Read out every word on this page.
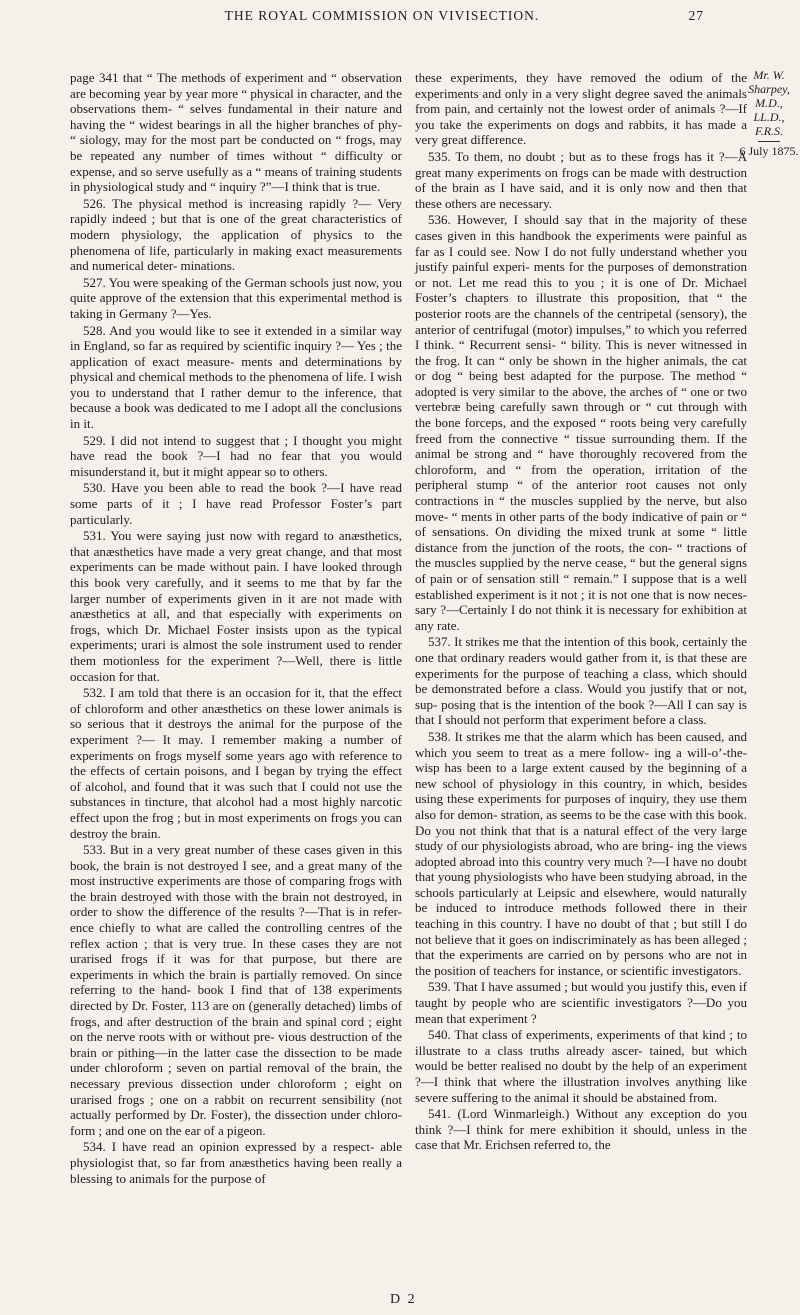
THE ROYAL COMMISSION ON VIVISECTION.	27

page 341 that “ The methods of experiment and “ observation are becoming year by year more “ physical in character, and the observations them- “ selves fundamental in their nature and having the “ widest bearings in all the higher branches of phy- “ siology, may for the most part be conducted on “ frogs, may be repeated any number of times without “ difficulty or expense, and so serve usefully as a “ means of training students in physiological study and “ inquiry ?”—I think that is true.

526. The physical method is increasing rapidly ?— Very rapidly indeed ; but that is one of the great characteristics of modern physiology, the application of physics to the phenomena of life, particularly in making exact measurements and numerical deter- minations.

527. You were speaking of the German schools just now, you quite approve of the extension that this experimental method is taking in Germany ?—Yes.

528. And you would like to see it extended in a similar way in England, so far as required by scientific inquiry ?— Yes ; the application of exact measure- ments and determinations by physical and chemical methods to the phenomena of life. I wish you to understand that I rather demur to the inference, that because a book was dedicated to me I adopt all the conclusions in it.

529. I did not intend to suggest that ; I thought you might have read the book ?—I had no fear that you would misunderstand it, but it might appear so to others.

530. Have you been able to read the book ?—I have read some parts of it ; I have read Professor Foster’s part particularly.

531. You were saying just now with regard to anæsthetics, that anæsthetics have made a very great change, and that most experiments can be made without pain. I have looked through this book very carefully, and it seems to me that by far the larger number of experiments given in it are not made with anæsthetics at all, and that especially with experiments on frogs, which Dr. Michael Foster insists upon as the typical experiments; urari is almost the sole instrument used to render them motionless for the experiment ?—Well, there is little occasion for that.

532. I am told that there is an occasion for it, that the effect of chloroform and other anæsthetics on these lower animals is so serious that it destroys the animal for the purpose of the experiment ?— It may. I remember making a number of experiments on frogs myself some years ago with reference to the effects of certain poisons, and I began by trying the effect of alcohol, and found that it was such that I could not use the substances in tincture, that alcohol had a most highly narcotic effect upon the frog ; but in most experiments on frogs you can destroy the brain.

533. But in a very great number of these cases given in this book, the brain is not destroyed I see, and a great many of the most instructive experiments are those of comparing frogs with the brain destroyed with those with the brain not destroyed, in order to show the difference of the results ?—That is in refer- ence chiefly to what are called the controlling centres of the reflex action ; that is very true. In these cases they are not urarised frogs if it was for that purpose, but there are experiments in which the brain is partially removed. On since referring to the hand- book I find that of 138 experiments directed by Dr. Foster, 113 are on (generally detached) limbs of frogs, and after destruction of the brain and spinal cord ; eight on the nerve roots with or without pre- vious destruction of the brain or pithing—in the latter case the dissection to be made under chloroform ; seven on partial removal of the brain, the necessary previous dissection under chloroform ; eight on urarised frogs ; one on a rabbit on recurrent sensibility (not actually performed by Dr. Foster), the dissection under chloro- form ; and one on the ear of a pigeon.

534. I have read an opinion expressed by a respect- able physiologist that, so far from anæsthetics having been really a blessing to animals for the purpose of

these experiments, they have removed the odium of the experiments and only in a very slight degree saved the animals from pain, and certainly not the lowest order of animals ?—If you take the experiments on dogs and rabbits, it has made a very great difference.

535. To them, no doubt ; but as to these frogs has it ?—A great many experiments on frogs can be made with destruction of the brain as I have said, and it is only now and then that these others are necessary.

536. However, I should say that in the majority of these cases given in this handbook the experiments were painful as far as I could see. Now I do not fully understand whether you justify painful experi- ments for the purposes of demonstration or not. Let me read this to you ; it is one of Dr. Michael Foster’s chapters to illustrate this proposition, that “ the posterior roots are the channels of the centripetal (sensory), the anterior of centrifugal (motor) impulses,” to which you referred I think. “ Recurrent sensi- “ bility. This is never witnessed in the frog. It can “ only be shown in the higher animals, the cat or dog “ being best adapted for the purpose. The method “ adopted is very similar to the above, the arches of “ one or two vertebræ being carefully sawn through or “ cut through with the bone forceps, and the exposed “ roots being very carefully freed from the connective “ tissue surrounding them. If the animal be strong and “ have thoroughly recovered from the chloroform, and “ from the operation, irritation of the peripheral stump “ of the anterior root causes not only contractions in “ the muscles supplied by the nerve, but also move- “ ments in other parts of the body indicative of pain or “ of sensations. On dividing the mixed trunk at some “ little distance from the junction of the roots, the con- “ tractions of the muscles supplied by the nerve cease, “ but the general signs of pain or of sensation still “ remain.” I suppose that is a well established experiment is it not ; it is not one that is now neces- sary ?—Certainly I do not think it is necessary for exhibition at any rate.

537. It strikes me that the intention of this book, certainly the one that ordinary readers would gather from it, is that these are experiments for the purpose of teaching a class, which should be demonstrated before a class. Would you justify that or not, sup- posing that is the intention of the book ?—All I can say is that I should not perform that experiment before a class.

538. It strikes me that the alarm which has been caused, and which you seem to treat as a mere follow- ing a will-o’-the-wisp has been to a large extent caused by the beginning of a new school of physiology in this country, in which, besides using these experiments for purposes of inquiry, they use them also for demon- stration, as seems to be the case with this book. Do you not think that that is a natural effect of the very large study of our physiologists abroad, who are bring- ing the views adopted abroad into this country very much ?—I have no doubt that young physiologists who have been studying abroad, in the schools particularly at Leipsic and elsewhere, would naturally be induced to introduce methods followed there in their teaching in this country. I have no doubt of that ; but still I do not believe that it goes on indiscriminately as has been alleged ; that the experiments are carried on by persons who are not in the position of teachers for instance, or scientific investigators.

539. That I have assumed ; but would you justify this, even if taught by people who are scientific investigators ?—Do you mean that experiment ?

540. That class of experiments, experiments of that kind ; to illustrate to a class truths already ascer- tained, but which would be better realised no doubt by the help of an experiment ?—I think that where the illustration involves anything like severe suffering to the animal it should be abstained from.

541. (Lord Winmarleigh.) Without any exception do you think ?—I think for mere exhibition it should, unless in the case that Mr. Erichsen referred to, the

Mr. W. Sharpey, M.D., LL.D., F.R.S.
6 July 1875.
D 2
